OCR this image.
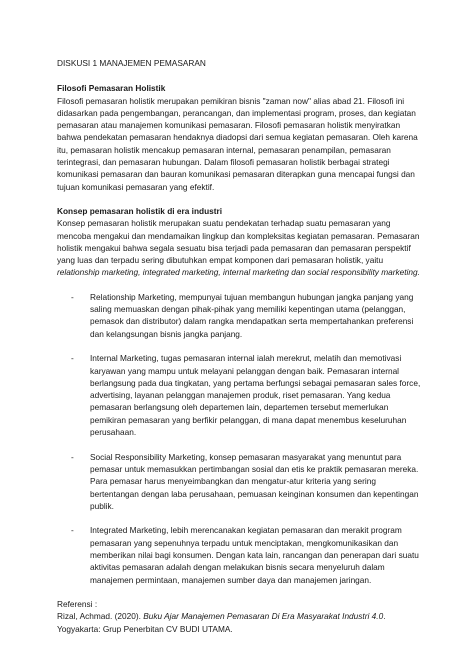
DISKUSI 1 MANAJEMEN PEMASARAN

Filosofi Pemasaran Holistik

Filosofi pemasaran holistik merupakan pemikiran bisnis "zaman now" alias abad 21. Filosofi ini didasarkan pada pengembangan, perancangan, dan implementasi program, proses, dan kegiatan pemasaran atau manajemen komunikasi pemasaran. Filosofi pemasaran holistik menyiratkan bahwa pendekatan pemasaran hendaknya diadopsi dari semua kegiatan pemasaran. Oleh karena itu, pemasaran holistik mencakup pemasaran internal, pemasaran penampilan, pemasaran terintegrasi, dan pemasaran hubungan. Dalam filosofi pemasaran holistik berbagai strategi komunikasi pemasaran dan bauran komunikasi pemasaran diterapkan guna mencapai fungsi dan tujuan komunikasi pemasaran yang efektif.

Konsep pemasaran holistik di era industri

Konsep pemasaran holistik merupakan suatu pendekatan terhadap suatu pemasaran yang mencoba mengakui dan mendamaikan lingkup dan kompleksitas kegiatan pemasaran. Pemasaran holistik mengakui bahwa segala sesuatu bisa terjadi pada pemasaran dan pemasaran perspektif yang luas dan terpadu sering dibutuhkan empat komponen dari pemasaran holistik, yaitu relationship marketing, integrated marketing, internal marketing dan social responsibility marketing.

- Relationship Marketing, mempunyai tujuan membangun hubungan jangka panjang yang saling memuaskan dengan pihak-pihak yang memiliki kepentingan utama (pelanggan, pemasok dan distributor) dalam rangka mendapatkan serta mempertahankan preferensi dan kelangsungan bisnis jangka panjang.
- Internal Marketing, tugas pemasaran internal ialah merekrut, melatih dan memotivasi karyawan yang mampu untuk melayani pelanggan dengan baik. Pemasaran internal berlangsung pada dua tingkatan, yang pertama berfungsi sebagai pemasaran sales force, advertising, layanan pelanggan manajemen produk, riset pemasaran. Yang kedua pemasaran berlangsung oleh departemen lain, departemen tersebut memerlukan pemikiran pemasaran yang berfikir pelanggan, di mana dapat menembus keseluruhan perusahaan.
- Social Responsibility Marketing, konsep pemasaran masyarakat yang menuntut para pemasar untuk memasukkan pertimbangan sosial dan etis ke praktik pemasaran mereka. Para pemasar harus menyeimbangkan dan mengatur-atur kriteria yang sering bertentangan dengan laba perusahaan, pemuasan keinginan konsumen dan kepentingan publik.
- Integrated Marketing, lebih merencanakan kegiatan pemasaran dan merakit program pemasaran yang sepenuhnya terpadu untuk menciptakan, mengkomunikasikan dan memberikan nilai bagi konsumen. Dengan kata lain, rancangan dan penerapan dari suatu aktivitas pemasaran adalah dengan melakukan bisnis secara menyeluruh dalam manajemen permintaan, manajemen sumber daya dan manajemen jaringan.

Referensi :

Rizal, Achmad. (2020). Buku Ajar Manajemen Pemasaran Di Era Masyarakat Industri 4.0. Yogyakarta: Grup Penerbitan CV BUDI UTAMA.
